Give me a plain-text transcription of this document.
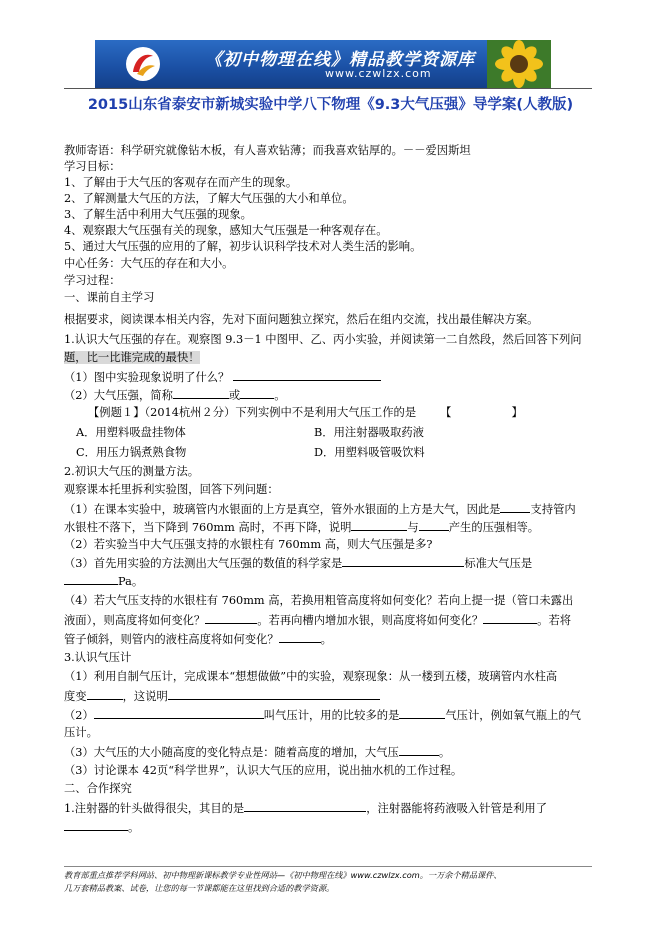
《初中物理在线》精品教学资源库
www.czwlzx.com
2015山东省泰安市新城实验中学八下物理《9.3大气压强》导学案(人教版)
教师寄语：科学研究就像钻木板，有人喜欢钻薄；而我喜欢钻厚的。－－爱因斯坦
学习目标：
1、了解由于大气压的客观存在而产生的现象。
2、了解测量大气压的方法，了解大气压强的大小和单位。
3、了解生活中利用大气压强的现象。
4、观察跟大气压强有关的现象，感知大气压强是一种客观存在。
5、通过大气压强的应用的了解，初步认识科学技术对人类生活的影响。
中心任务：大气压的存在和大小。
学习过程：
一、课前自主学习
根据要求，阅读课本相关内容，先对下面问题独立探究，然后在组内交流，找出最佳解决方案。
1.认识大气压强的存在。观察图 9.3－1 中图甲、乙、丙小实验，并阅读第一二自然段，然后回答下列问
题，比一比谁完成的最快！
（1）图中实验现象说明了什么？
（2）大气压强，简称	或	。
【例题１】（2014杭州２分）下列实例中不是利用大气压工作的是 【	】
A．用塑料吸盘挂物体	B．用注射器吸取药液
C．用压力锅煮熟食物	D．用塑料吸管吸饮料
2.初识大气压的测量方法。
观察课本托里拆利实验图，回答下列问题：
（1）在课本实验中，玻璃管内水银面的上方是真空，管外水银面的上方是大气，因此是	支持管内
水银柱不落下，当下降到 760mm 高时，不再下降，说明	与	产生的压强相等。
（2）若实验当中大气压强支持的水银柱有 760mm 高，则大气压强是多?
（3）首先用实验的方法测出大气压强的数值的科学家是	标准大气压是
Pa。
（4）若大气压支持的水银柱有 760mm 高，若换用粗管高度将如何变化？若向上提一提（管口未露出
液面），则高度将如何变化？	。若再向槽内增加水银，则高度将如何变化？	。若将
管子倾斜，则管内的液柱高度将如何变化？	。
3.认识气压计
（1）利用自制气压计，完成课本“想想做做”中的实验，观察现象：从一楼到五楼，玻璃管内水柱高
度变	，这说明
（2）	叫气压计，用的比较多的是	气压计，例如氧气瓶上的气
压计。
（3）大气压的大小随高度的变化特点是：随着高度的增加，大气压	。
（3）讨论课本 42页“科学世界”，认识大气压的应用，说出抽水机的工作过程。
二、合作探究
1.注射器的针头做得很尖，其目的是	，注射器能将药液吸入针管是利用了
。
教育部重点推荐学科网站、初中物理新课标教学专业性网站—《初中物理在线》www.czwlzx.com。一万余个精品课件、
几万套精品教案、试卷，让您的每一节课都能在这里找到合适的教学资源。
